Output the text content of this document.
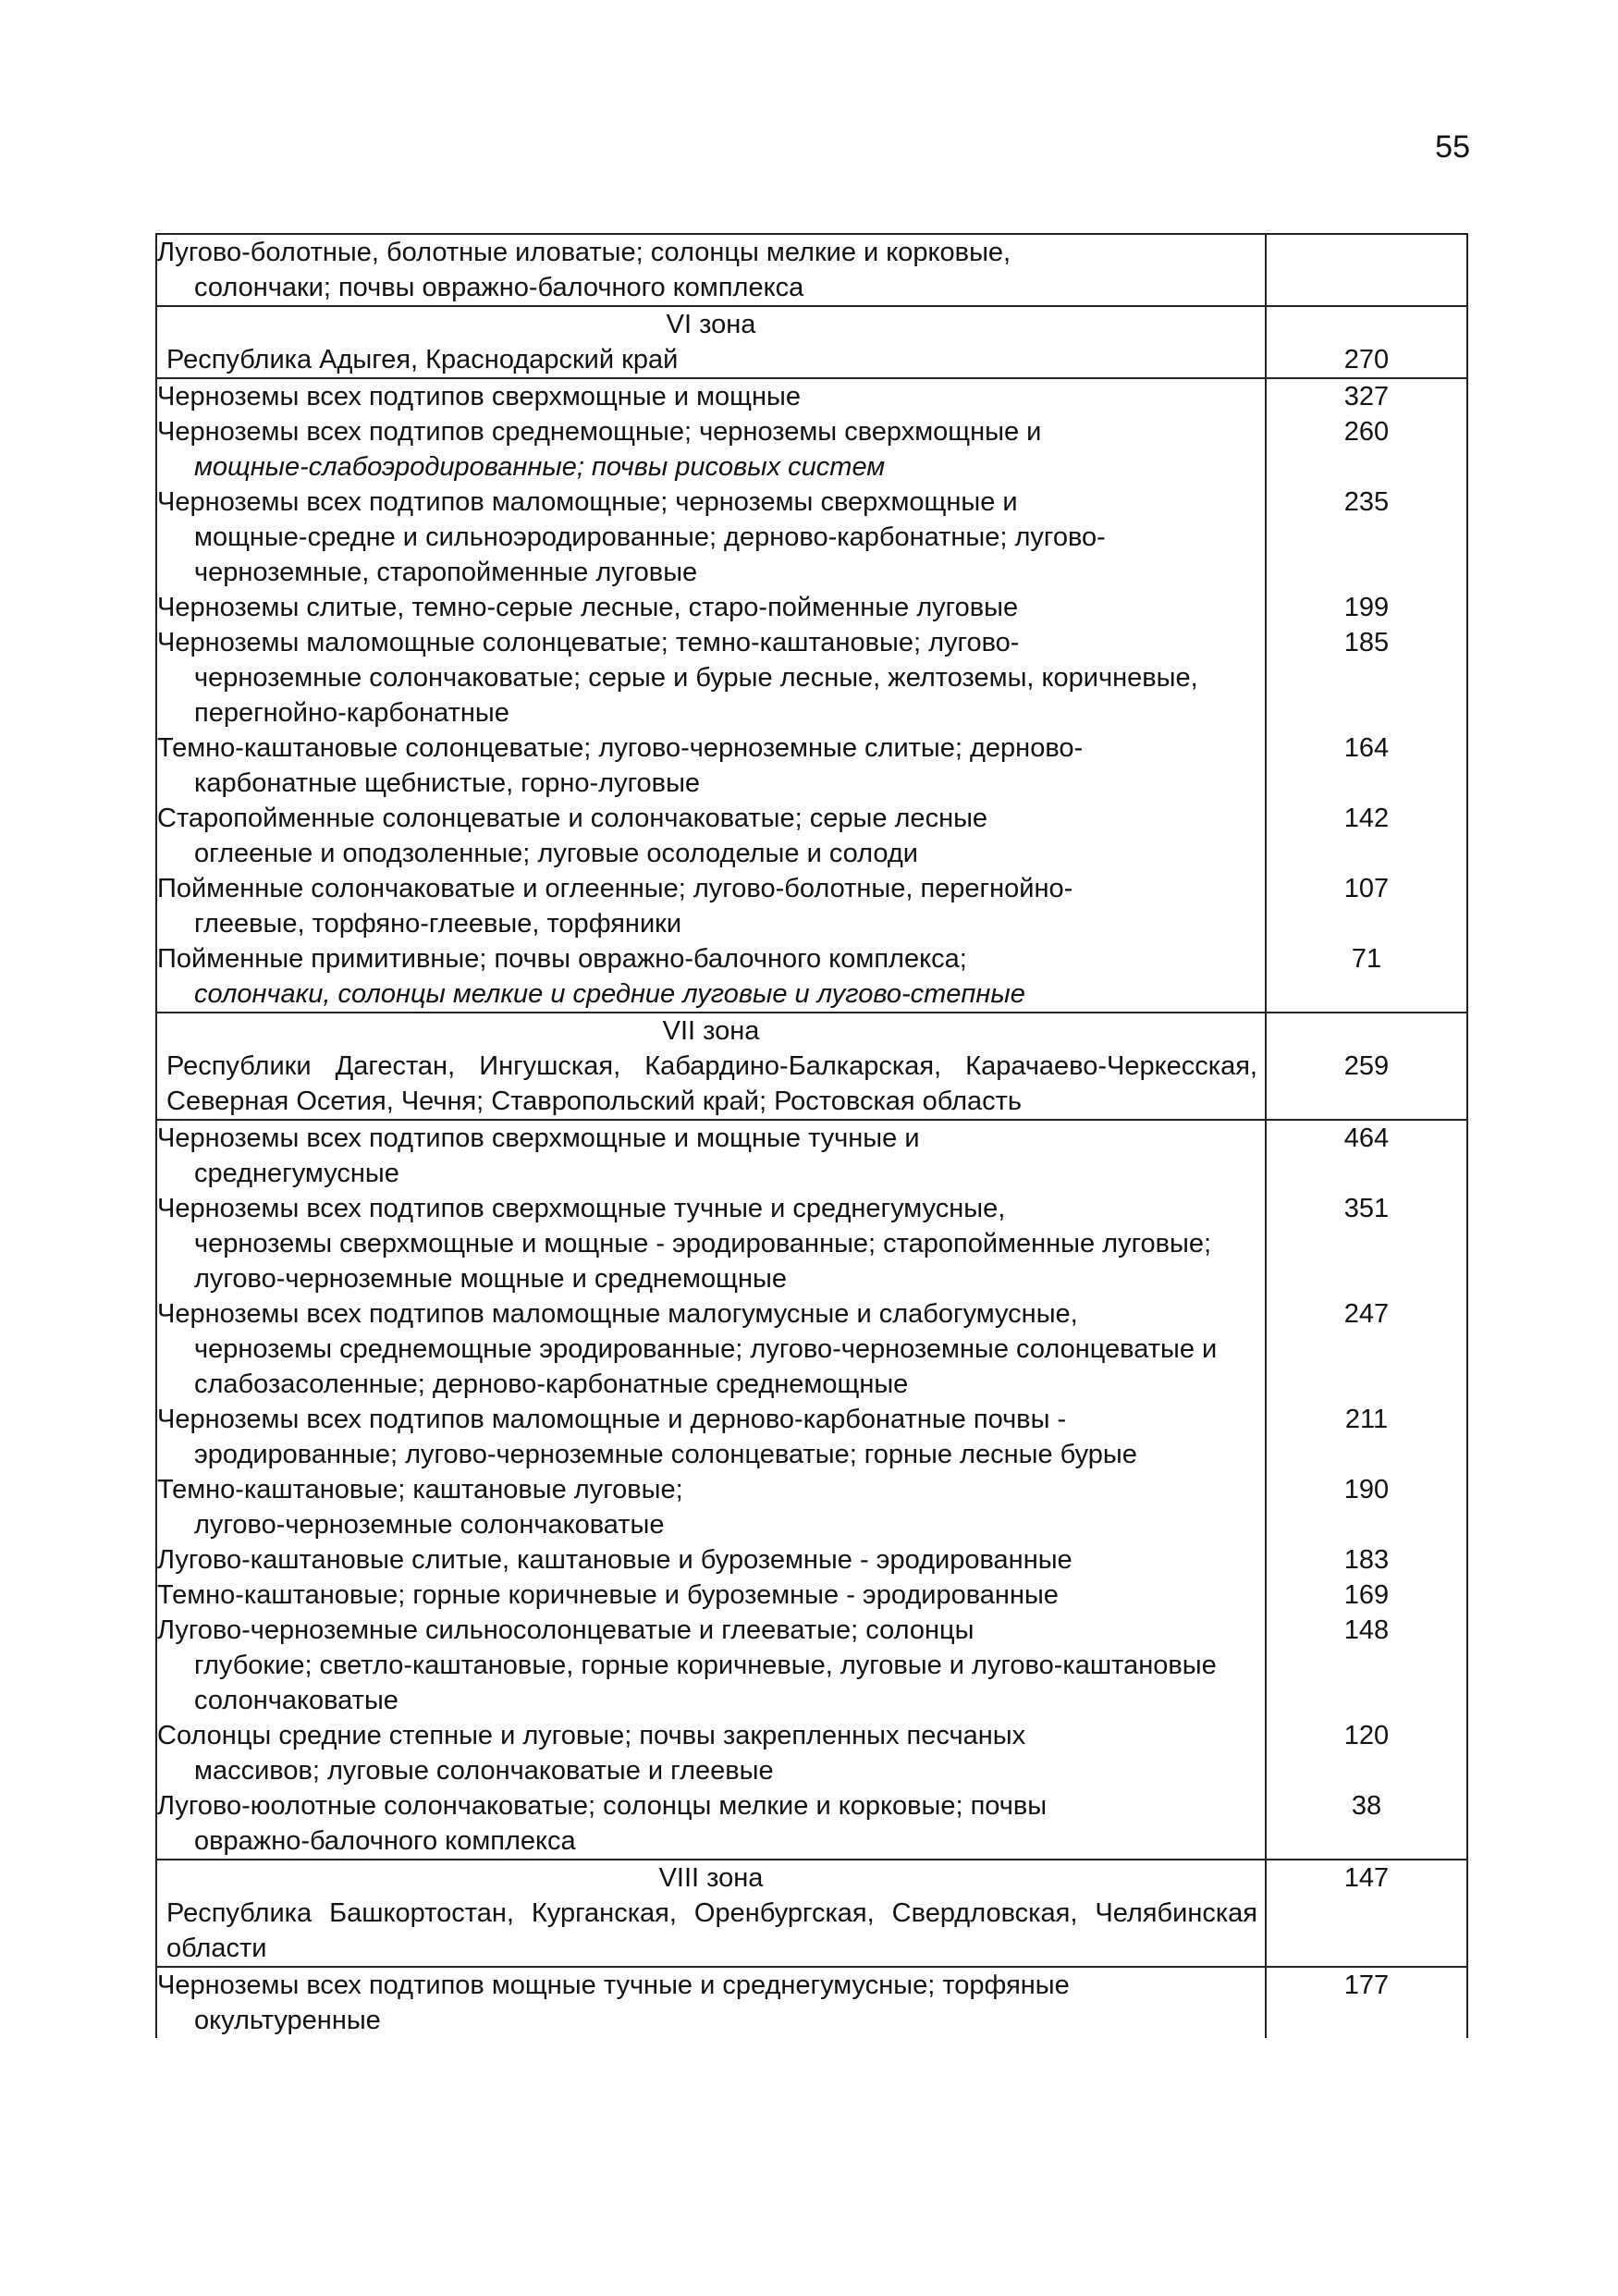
55
Лугово-болотные, болотные иловатые; солонцы мелкие и корковые,
солончаки; почвы овражно-балочного комплекса	

VI зона
Республика Адыгея, Краснодарский край	270

Черноземы всех подтипов сверхмощные и мощные	327

Черноземы всех подтипов среднемощные; черноземы сверхмощные и
мощные-слабоэродированные; почвы рисовых систем	260

Черноземы всех подтипов маломощные; черноземы сверхмощные и
мощные-средне и сильноэродированные; дерново-карбонатные; лугово-черноземные, старопойменные луговые	235

Черноземы слитые, темно-серые лесные, старо-пойменные луговые	199

Черноземы маломощные солонцеватые; темно-каштановые; лугово-
черноземные солончаковатые; серые и бурые лесные, желтоземы, коричневые, перегнойно-карбонатные	185

Темно-каштановые солонцеватые; лугово-черноземные слитые; дерново-
карбонатные щебнистые, горно-луговые	164

Старопойменные солонцеватые и солончаковатые; серые лесные
оглееные и оподзоленные; луговые осолоделые и солоди	142

Пойменные солончаковатые и оглеенные; лугово-болотные, перегнойно-
глеевые, торфяно-глеевые, торфяники	107

Пойменные примитивные; почвы овражно-балочного комплекса;
солончаки, солонцы мелкие и средние луговые и лугово-степные	71

VII зона
Республики Дагестан, Ингушская, Кабардино-Балкарская, Карачаево-Черкесская, Северная Осетия, Чечня; Ставропольский край; Ростовская область	259

Черноземы всех подтипов сверхмощные и мощные тучные и
среднегумусные	464

Черноземы всех подтипов сверхмощные тучные и среднегумусные,
черноземы сверхмощные и мощные - эродированные; старопойменные луговые; лугово-черноземные мощные и среднемощные	351

Черноземы всех подтипов маломощные малогумусные и слабогумусные,
черноземы среднемощные эродированные; лугово-черноземные солонцеватые и слабозасоленные; дерново-карбонатные среднемощные	247

Черноземы всех подтипов маломощные и дерново-карбонатные почвы -
эродированные; лугово-черноземные солонцеватые; горные лесные бурые	211

Темно-каштановые; каштановые луговые;
лугово-черноземные солончаковатые	190

Лугово-каштановые слитые, каштановые и буроземные - эродированные	183

Темно-каштановые; горные коричневые и буроземные - эродированные	169

Лугово-черноземные сильносолонцеватые и глееватые; солонцы
глубокие; светло-каштановые, горные коричневые, луговые и лугово-каштановые солончаковатые	148

Солонцы средние степные и луговые; почвы закрепленных песчаных
массивов; луговые солончаковатые и глеевые	120

Лугово-юолотные солончаковатые; солонцы мелкие и корковые; почвы
овражно-балочного комплекса	38

VIII зона
Республика Башкортостан, Курганская, Оренбургская, Свердловская, Челябинская области	147

Черноземы всех подтипов мощные тучные и среднегумусные; торфяные
окультуренные	177
